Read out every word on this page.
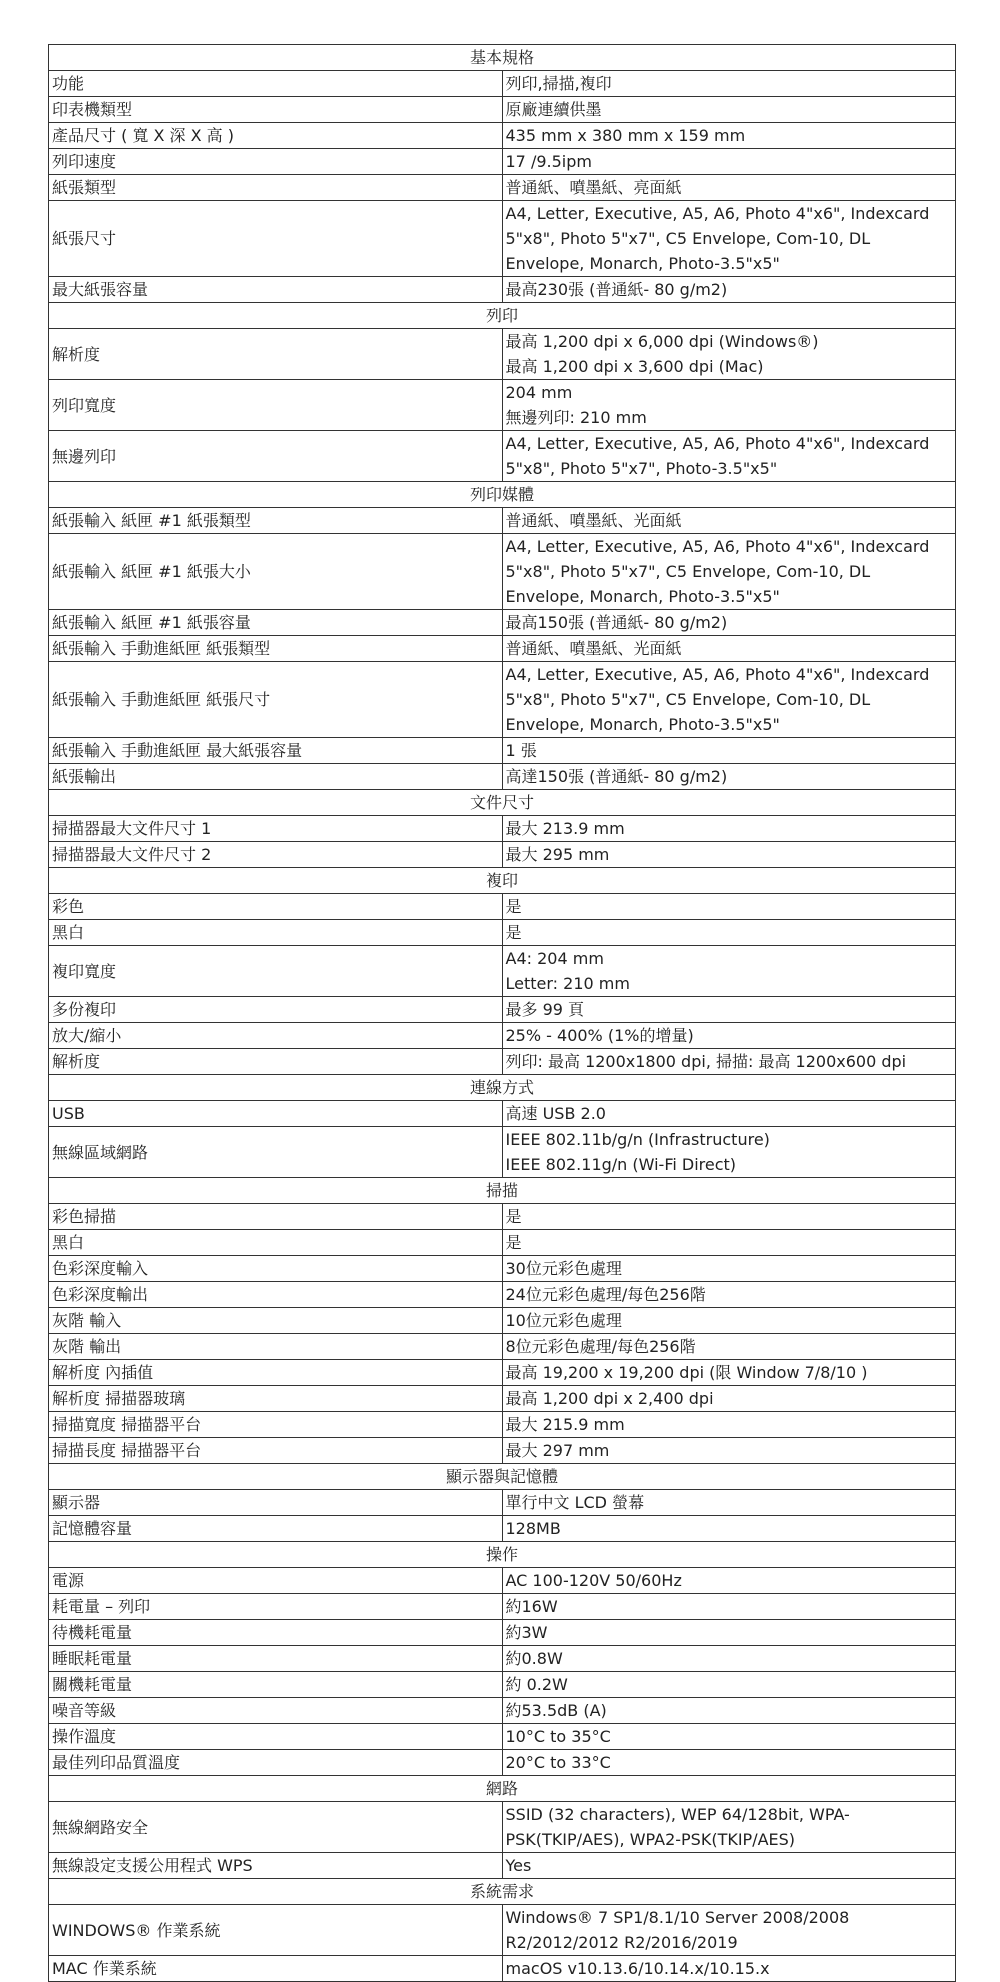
基本規格	
功能	列印,掃描,複印
印表機類型	原廠連續供墨
產品尺寸 ( 寬 X 深 X 高 )	435 mm x 380 mm x 159 mm
列印速度	17 /9.5ipm
紙張類型	普通紙、噴墨紙、亮面紙
紙張尺寸	A4, Letter, Executive, A5, A6, Photo 4"x6", Indexcard 5"x8", Photo 5"x7", C5 Envelope, Com-10, DL Envelope, Monarch, Photo-3.5"x5"
最大紙張容量	最高230張 (普通紙- 80 g/m2)
列印	
解析度	最高 1,200 dpi x 6,000 dpi (Windows®)
最高 1,200 dpi x 3,600 dpi (Mac)
列印寬度	204 mm
無邊列印: 210 mm
無邊列印	A4, Letter, Executive, A5, A6, Photo 4"x6", Indexcard 5"x8", Photo 5"x7", Photo-3.5"x5"
列印媒體	
紙張輸入 紙匣 #1 紙張類型	普通紙、噴墨紙、光面紙
紙張輸入 紙匣 #1 紙張大小	A4, Letter, Executive, A5, A6, Photo 4"x6", Indexcard 5"x8", Photo 5"x7", C5 Envelope, Com-10, DL Envelope, Monarch, Photo-3.5"x5"
紙張輸入 紙匣 #1 紙張容量	最高150張 (普通紙- 80 g/m2)
紙張輸入 手動進紙匣 紙張類型	普通紙、噴墨紙、光面紙
紙張輸入 手動進紙匣 紙張尺寸	A4, Letter, Executive, A5, A6, Photo 4"x6", Indexcard 5"x8", Photo 5"x7", C5 Envelope, Com-10, DL Envelope, Monarch, Photo-3.5"x5"
紙張輸入 手動進紙匣 最大紙張容量	1 張
紙張輸出	高達150張 (普通紙- 80 g/m2)
文件尺寸	
掃描器最大文件尺寸 1	最大 213.9 mm
掃描器最大文件尺寸 2	最大 295 mm
複印	
彩色	是
黑白	是
複印寬度	A4: 204 mm
Letter: 210 mm
多份複印	最多 99 頁
放大/縮小	25% - 400% (1%的增量)
解析度	列印: 最高 1200x1800 dpi, 掃描: 最高 1200x600 dpi
連線方式	
USB	高速 USB 2.0
無線區域網路	IEEE 802.11b/g/n (Infrastructure)
IEEE 802.11g/n (Wi-Fi Direct)
掃描	
彩色掃描	是
黑白	是
色彩深度輸入	30位元彩色處理
色彩深度輸出	24位元彩色處理/每色256階
灰階 輸入	10位元彩色處理
灰階 輸出	8位元彩色處理/每色256階
解析度 內插值	最高 19,200 x 19,200 dpi (限 Window 7/8/10 )
解析度 掃描器玻璃	最高 1,200 dpi x 2,400 dpi
掃描寬度 掃描器平台	最大 215.9 mm
掃描長度 掃描器平台	最大 297 mm
顯示器與記憶體	
顯示器	單行中文 LCD 螢幕
記憶體容量	128MB
操作	
電源	AC 100-120V 50/60Hz
耗電量 – 列印	約16W
待機耗電量	約3W
睡眠耗電量	約0.8W
關機耗電量	約 0.2W
噪音等級	約53.5dB (A)
操作溫度	10°C to 35°C
最佳列印品質溫度	20°C to 33°C
網路	
無線網路安全	SSID (32 characters), WEP 64/128bit, WPA-PSK(TKIP/AES), WPA2-PSK(TKIP/AES)
無線設定支援公用程式 WPS	Yes
系統需求	
WINDOWS® 作業系統	Windows® 7 SP1/8.1/10 Server 2008/2008 R2/2012/2012 R2/2016/2019
MAC 作業系統	macOS v10.13.6/10.14.x/10.15.x
